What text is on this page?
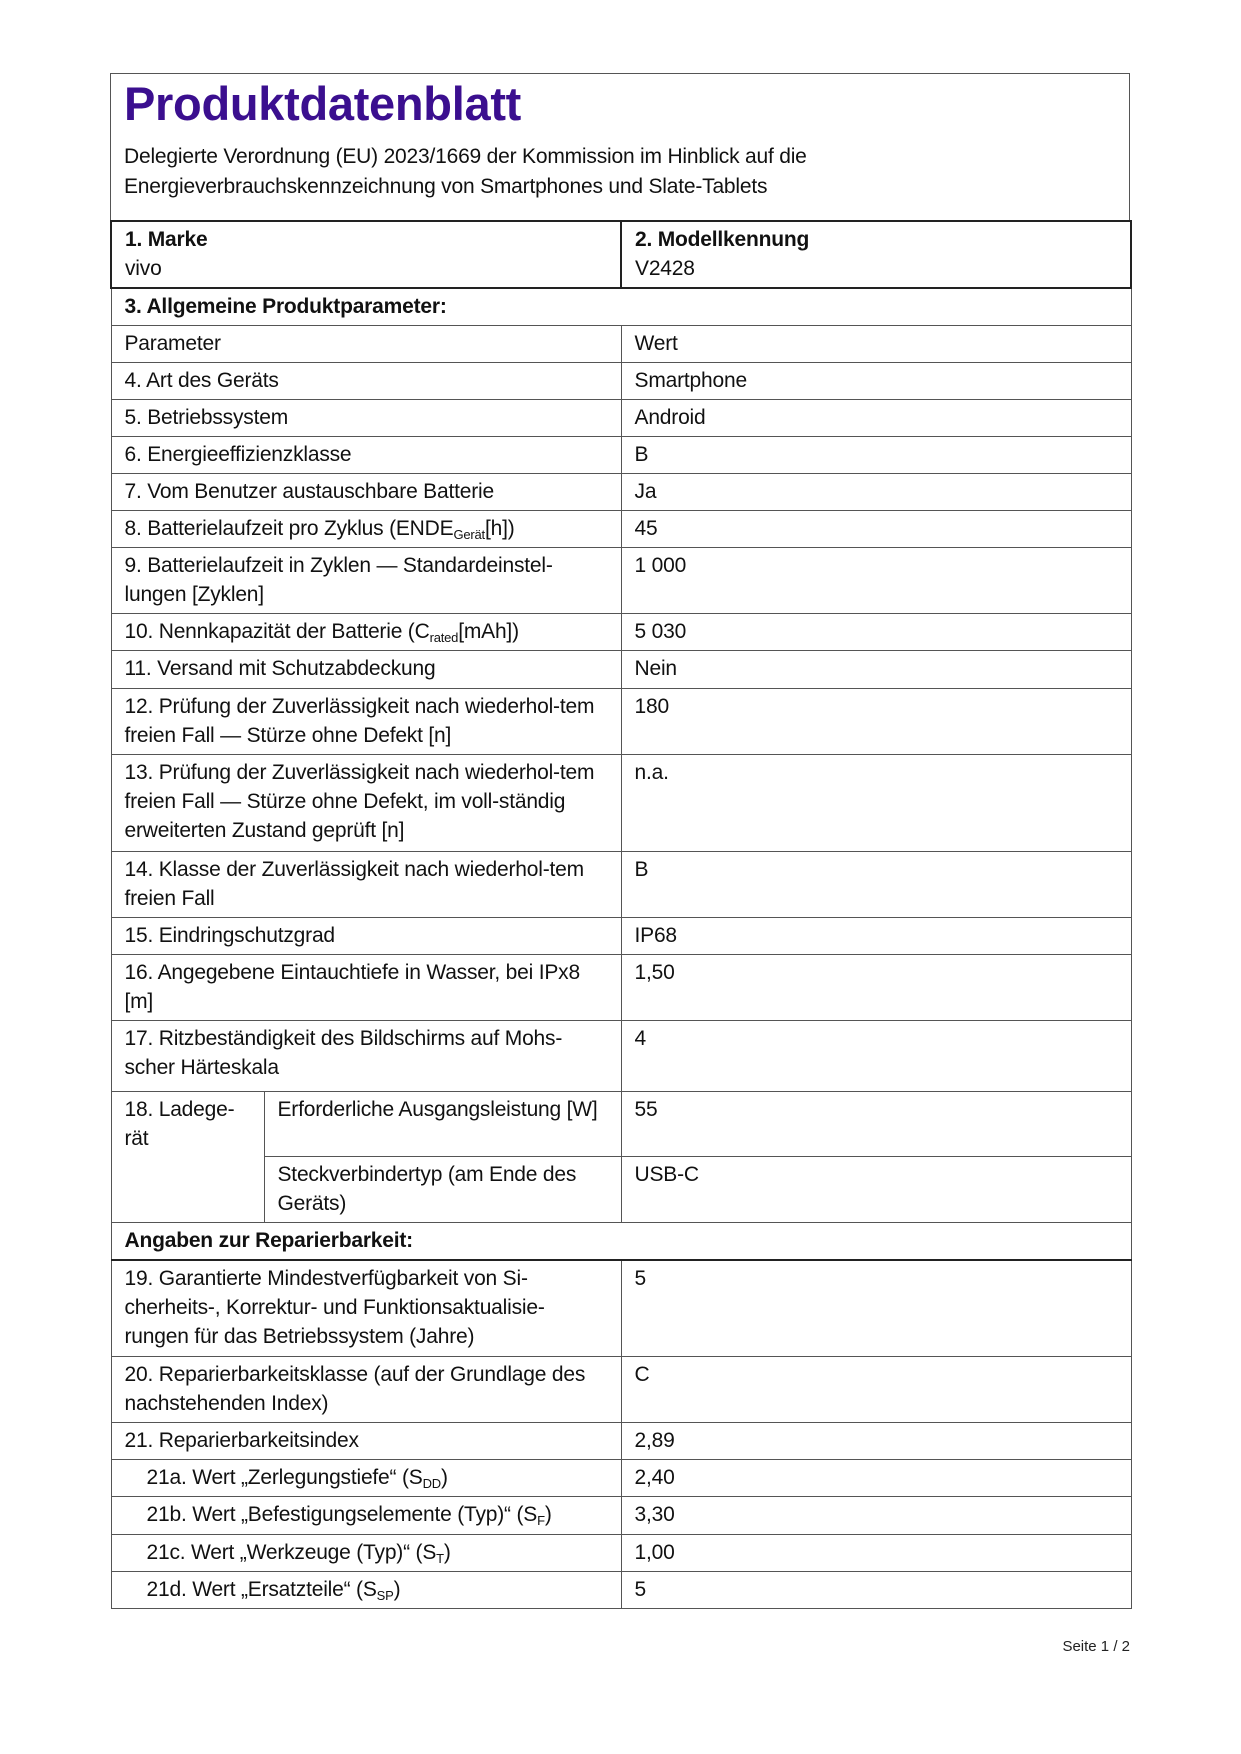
Produktdatenblatt
Delegierte Verordnung (EU) 2023/1669 der Kommission im Hinblick auf die
Energieverbrauchskennzeichnung von Smartphones und Slate-Tablets
1. Marke
vivo

2. Modellkennung
V2428

3. Allgemeine Produktparameter:		
Parameter		Wert
4. Art des Geräts		Smartphone
5. Betriebssystem		Android
6. Energieeffizienzklasse		B
7. Vom Benutzer austauschbare Batterie		Ja
8. Batterielaufzeit pro Zyklus $(ENDE_{Gerät}[h])$		45
9. Batterielaufzeit in Zyklen — Standardeinstel-lungen [Zyklen]		1 000
10. Nennkapazität der Batterie $(C_{rated}[mAh])$		5 030
11. Versand mit Schutzabdeckung		Nein
12. Prüfung der Zuverlässigkeit nach wiederhol-tem freien Fall — Stürze ohne Defekt [n]		180
13. Prüfung der Zuverlässigkeit nach wiederhol-tem freien Fall — Stürze ohne Defekt, im voll-ständig erweiterten Zustand geprüft [n]		n.a.
14. Klasse der Zuverlässigkeit nach wiederhol-tem freien Fall		B
15. Eindringschutzgrad		IP68
16. Angegebene Eintauchtiefe in Wasser, bei IPx8 [m]		1,50
17. Ritzbeständigkeit des Bildschirms auf Mohs-scher Härteskala		4
18. Ladege-rät	Erforderliche Ausgangsleistung [W]	55
	Steckverbindertyp (am Ende des Geräts)	USB-C
Angaben zur Reparierbarkeit:		
19. Garantierte Mindestverfügbarkeit von Si-cherheits-, Korrektur- und Funktionsaktualisie-rungen für das Betriebssystem (Jahre)		5
20. Reparierbarkeitsklasse (auf der Grundlage des nachstehenden Index)		C
21. Reparierbarkeitsindex		2,89
21a. Wert „Zerlegungstiefe“ $(S_{DD})$		2,40
21b. Wert „Befestigungselemente (Typ)“ $(S_F)$		3,30
21c. Wert „Werkzeuge (Typ)“ $(S_T)$		1,00
21d. Wert „Ersatzteile“ $(S_{SP})$		5
Seite 1 / 2
